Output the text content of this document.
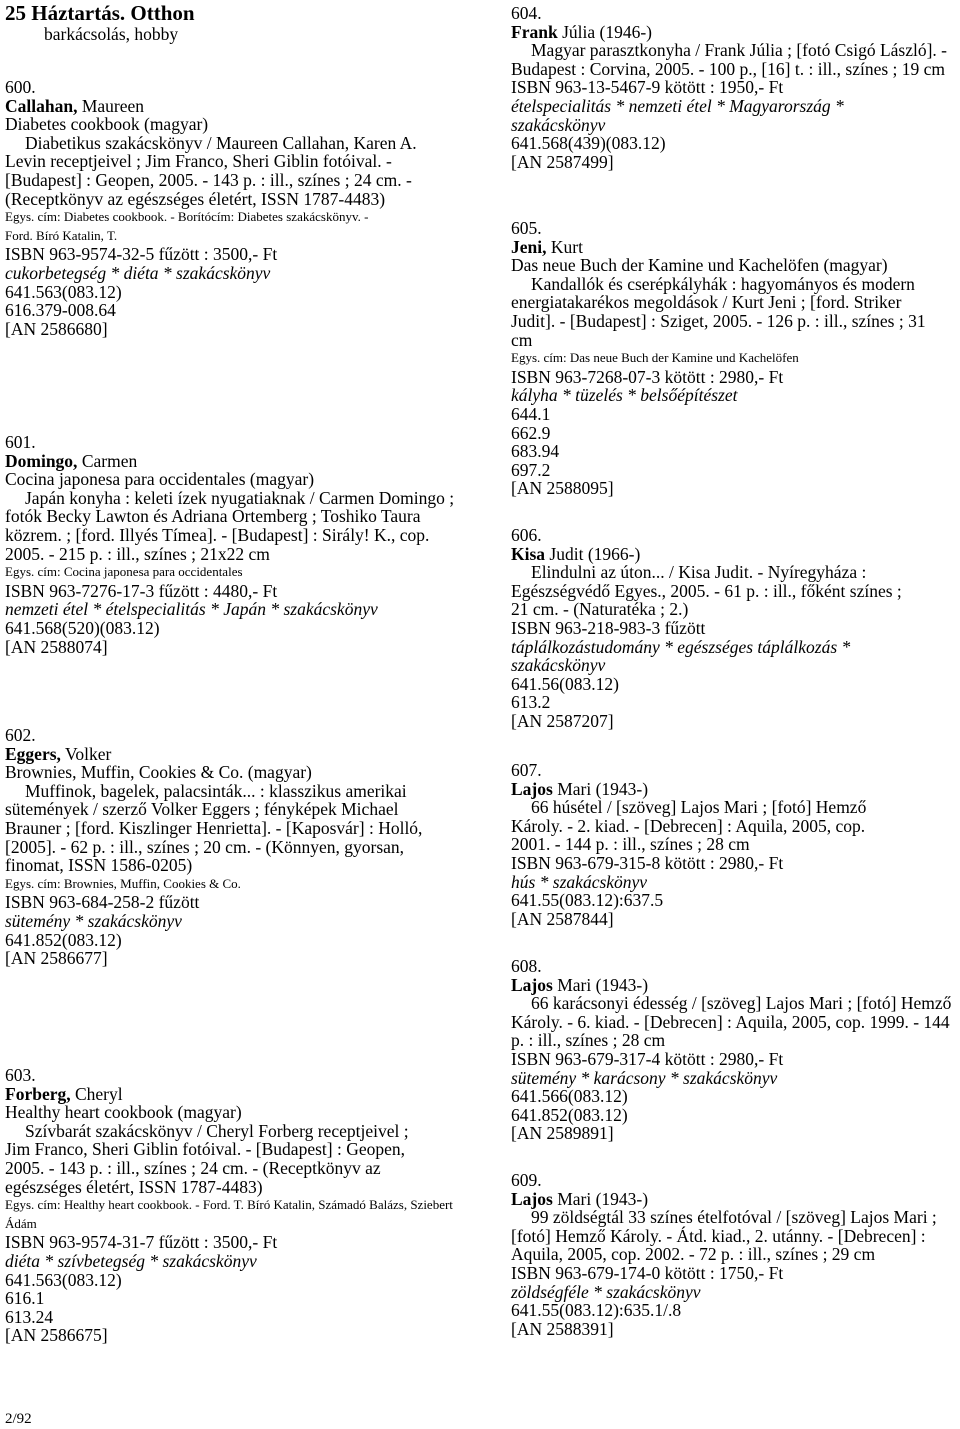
25 Háztartás. Otthon
barkácsolás, hobby
600.
Callahan, Maureen
Diabetes cookbook (magyar)
Diabetikus szakácskönyv / Maureen Callahan, Karen A. Levin receptjeivel ; Jim Franco, Sheri Giblin fotóival. - [Budapest] : Geopen, 2005. - 143 p. : ill., színes ; 24 cm. - (Receptkönyv az egészséges életért, ISSN 1787-4483)
Egys. cím: Diabetes cookbook. - Borítócím: Diabetes szakácskönyv. - Ford. Bíró Katalin, T.
ISBN 963-9574-32-5 fűzött : 3500,- Ft
cukorbetegség * diéta * szakácskönyv
641.563(083.12)
616.379-008.64
[AN 2586680]
601.
Domingo, Carmen
Cocina japonesa para occidentales (magyar)
Japán konyha : keleti ízek nyugatiaknak / Carmen Domingo ; fotók Becky Lawton és Adriana Ortemberg ; Toshiko Taura közrem. ; [ford. Illyés Tímea]. - [Budapest] : Sirály! K., cop. 2005. - 215 p. : ill., színes ; 21x22 cm
Egys. cím: Cocina japonesa para occidentales
ISBN 963-7276-17-3 fűzött : 4480,- Ft
nemzeti étel * ételspecialitás * Japán * szakácskönyv
641.568(520)(083.12)
[AN 2588074]
602.
Eggers, Volker
Brownies, Muffin, Cookies & Co. (magyar)
Muffinok, bagelek, palacsinták... : klasszikus amerikai sütemények / szerző Volker Eggers ; fényképek Michael Brauner ; [ford. Kiszlinger Henrietta]. - [Kaposvár] : Holló, [2005]. - 62 p. : ill., színes ; 20 cm. - (Könnyen, gyorsan, finomat, ISSN 1586-0205)
Egys. cím: Brownies, Muffin, Cookies & Co.
ISBN 963-684-258-2 fűzött
sütemény * szakácskönyv
641.852(083.12)
[AN 2586677]
603.
Forberg, Cheryl
Healthy heart cookbook (magyar)
Szívbarát szakácskönyv / Cheryl Forberg receptjeivel ; Jim Franco, Sheri Giblin fotóival. - [Budapest] : Geopen, 2005. - 143 p. : ill., színes ; 24 cm. - (Receptkönyv az egészséges életért, ISSN 1787-4483)
Egys. cím: Healthy heart cookbook. - Ford. T. Bíró Katalin, Számadó Balázs, Sziebert Ádám
ISBN 963-9574-31-7 fűzött : 3500,- Ft
diéta * szívbetegség * szakácskönyv
641.563(083.12)
616.1
613.24
[AN 2586675]
2/92
604.
Frank Júlia (1946-)
Magyar parasztkonyha / Frank Júlia ; [fotó Csigó László]. - Budapest : Corvina, 2005. - 100 p., [16] t. : ill., színes ; 19 cm
ISBN 963-13-5467-9 kötött : 1950,- Ft
ételspecialitás * nemzeti étel * Magyarország * szakácskönyv
641.568(439)(083.12)
[AN 2587499]
605.
Jeni, Kurt
Das neue Buch der Kamine und Kachelöfen (magyar)
Kandallók és cserépkályhák : hagyományos és modern energiatakarékos megoldások / Kurt Jeni ; [ford. Striker Judit]. - [Budapest] : Sziget, 2005. - 126 p. : ill., színes ; 31 cm
Egys. cím: Das neue Buch der Kamine und Kachelöfen
ISBN 963-7268-07-3 kötött : 2980,- Ft
kályha * tüzelés * belsőépítészet
644.1
662.9
683.94
697.2
[AN 2588095]
606.
Kisa Judit (1966-)
Elindulni az úton... / Kisa Judit. - Nyíregyháza : Egészségvédő Egyes., 2005. - 61 p. : ill., főként színes ; 21 cm. - (Naturatéka ; 2.)
ISBN 963-218-983-3 fűzött
táplálkozástudomány * egészséges táplálkozás * szakácskönyv
641.56(083.12)
613.2
[AN 2587207]
607.
Lajos Mari (1943-)
66 húsétel / [szöveg] Lajos Mari ; [fotó] Hemző Károly. - 2. kiad. - [Debrecen] : Aquila, 2005, cop. 2001. - 144 p. : ill., színes ; 28 cm
ISBN 963-679-315-8 kötött : 2980,- Ft
hús * szakácskönyv
641.55(083.12):637.5
[AN 2587844]
608.
Lajos Mari (1943-)
66 karácsonyi édesség / [szöveg] Lajos Mari ; [fotó] Hemző Károly. - 6. kiad. - [Debrecen] : Aquila, 2005, cop. 1999. - 144 p. : ill., színes ; 28 cm
ISBN 963-679-317-4 kötött : 2980,- Ft
sütemény * karácsony * szakácskönyv
641.566(083.12)
641.852(083.12)
[AN 2589891]
609.
Lajos Mari (1943-)
99 zöldségtál 33 színes ételfotóval / [szöveg] Lajos Mari ; [fotó] Hemző Károly. - Átd. kiad., 2. utánny. - [Debrecen] : Aquila, 2005, cop. 2002. - 72 p. : ill., színes ; 29 cm
ISBN 963-679-174-0 kötött : 1750,- Ft
zöldségféle * szakácskönyv
641.55(083.12):635.1/.8
[AN 2588391]
